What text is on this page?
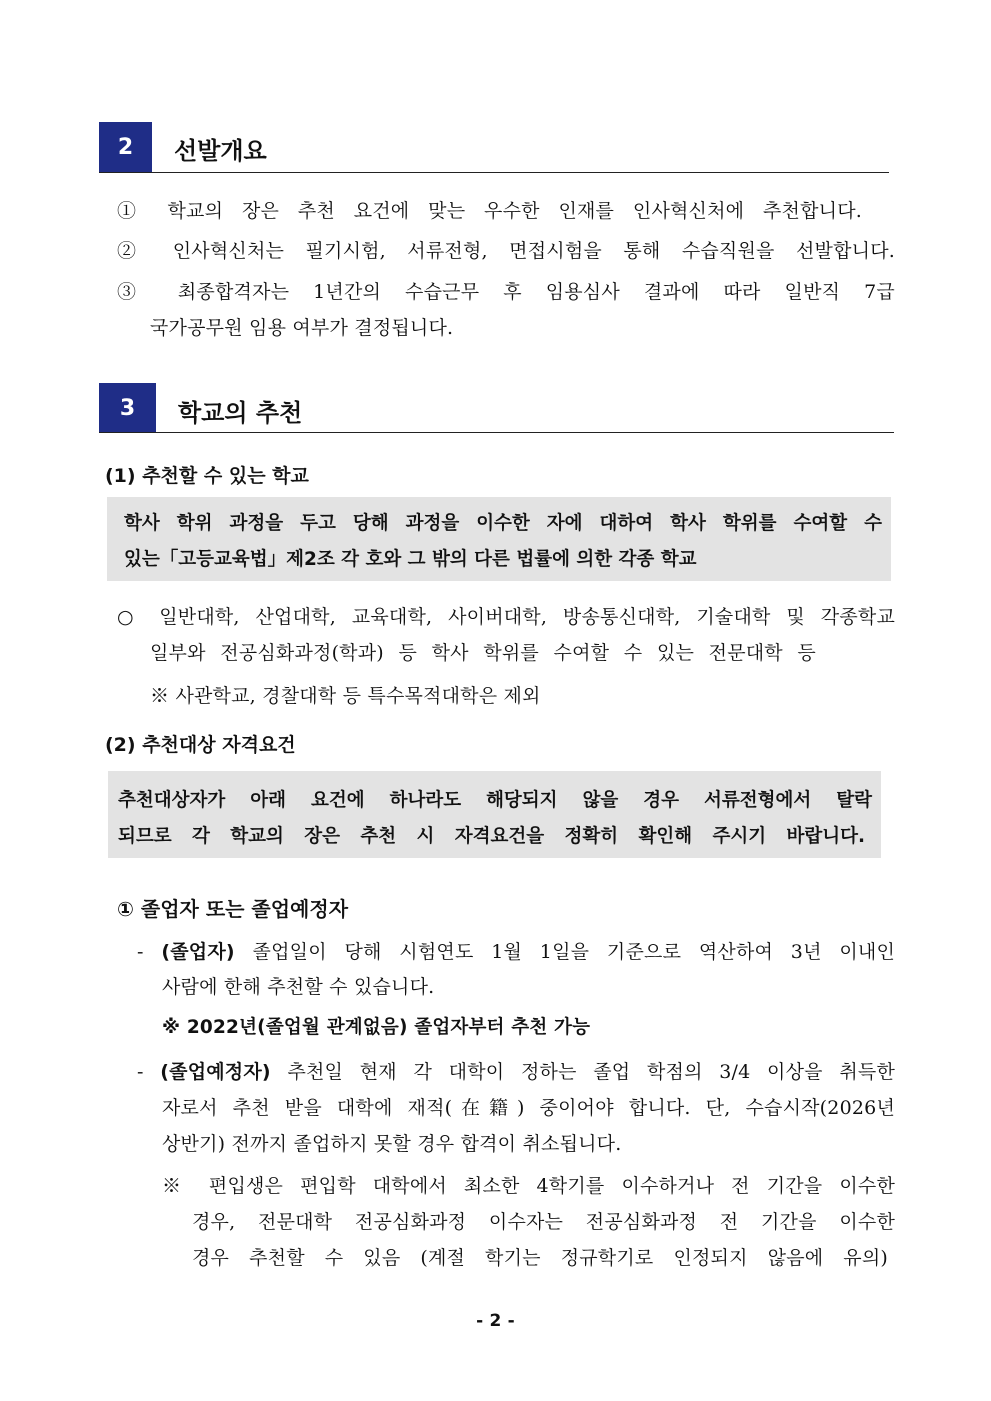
2	선발개요
① 학교의 장은 추천 요건에 맞는 우수한 인재를 인사혁신처에 추천합니다.
② 인사혁신처는 필기시험, 서류전형, 면접시험을 통해 수습직원을 선발합니다.
③ 최종합격자는 1년간의 수습근무 후 임용심사 결과에 따라 일반직 7급
국가공무원 임용 여부가 결정됩니다.
3	학교의 추천
(1) 추천할 수 있는 학교
학사 학위 과정을 두고 당해 과정을 이수한 자에 대하여 학사 학위를 수여할 수
있는「고등교육법」제2조 각 호와 그 밖의 다른 법률에 의한 각종 학교
○ 일반대학, 산업대학, 교육대학, 사이버대학, 방송통신대학, 기술대학 및 각종학교
일부와 전공심화과정(학과) 등 학사 학위를 수여할 수 있는 전문대학 등
※ 사관학교, 경찰대학 등 특수목적대학은 제외
(2) 추천대상 자격요건
추천대상자가 아래 요건에 하나라도 해당되지 않을 경우 서류전형에서 탈락
되므로 각 학교의 장은 추천 시 자격요건을 정확히 확인해 주시기 바랍니다.
① 졸업자 또는 졸업예정자
- (졸업자) 졸업일이 당해 시험연도 1월 1일을 기준으로 역산하여 3년 이내인
사람에 한해 추천할 수 있습니다.
※ 2022년(졸업월 관계없음) 졸업자부터 추천 가능
- (졸업예정자) 추천일 현재 각 대학이 정하는 졸업 학점의 3/4 이상을 취득한
자로서 추천 받을 대학에 재적(在籍) 중이어야 합니다. 단, 수습시작(2026년
상반기) 전까지 졸업하지 못할 경우 합격이 취소됩니다.
※ 편입생은 편입학 대학에서 최소한 4학기를 이수하거나 전 기간을 이수한
경우, 전문대학 전공심화과정 이수자는 전공심화과정 전 기간을 이수한
경우 추천할 수 있음 (계절 학기는 정규학기로 인정되지 않음에 유의)
- 2 -
